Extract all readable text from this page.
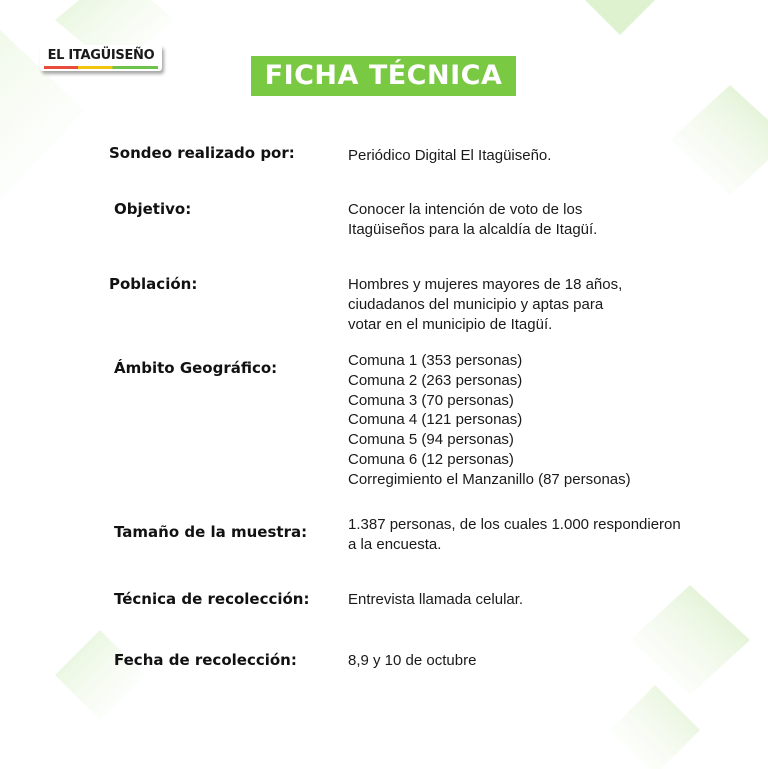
EL ITAGÜISEÑO
FICHA TÉCNICA
Sondeo realizado por:	Periódico Digital El Itagüiseño.
Objetivo:	Conocer la intención de voto de los
Itagüiseños para la alcaldía de Itagüí.
Población:	Hombres y mujeres mayores de 18 años,
ciudadanos del municipio y aptas para
votar en el municipio de Itagüí.
Ámbito Geográfico:	Comuna 1 (353 personas)
Comuna 2 (263 personas)
Comuna 3 (70 personas)
Comuna 4 (121 personas)
Comuna 5 (94 personas)
Comuna 6 (12 personas)
Corregimiento el Manzanillo (87 personas)
Tamaño de la muestra:	1.387 personas, de los cuales 1.000 respondieron
a la encuesta.
Técnica de recolección:	Entrevista llamada celular.
Fecha de recolección:	8,9 y 10 de octubre
